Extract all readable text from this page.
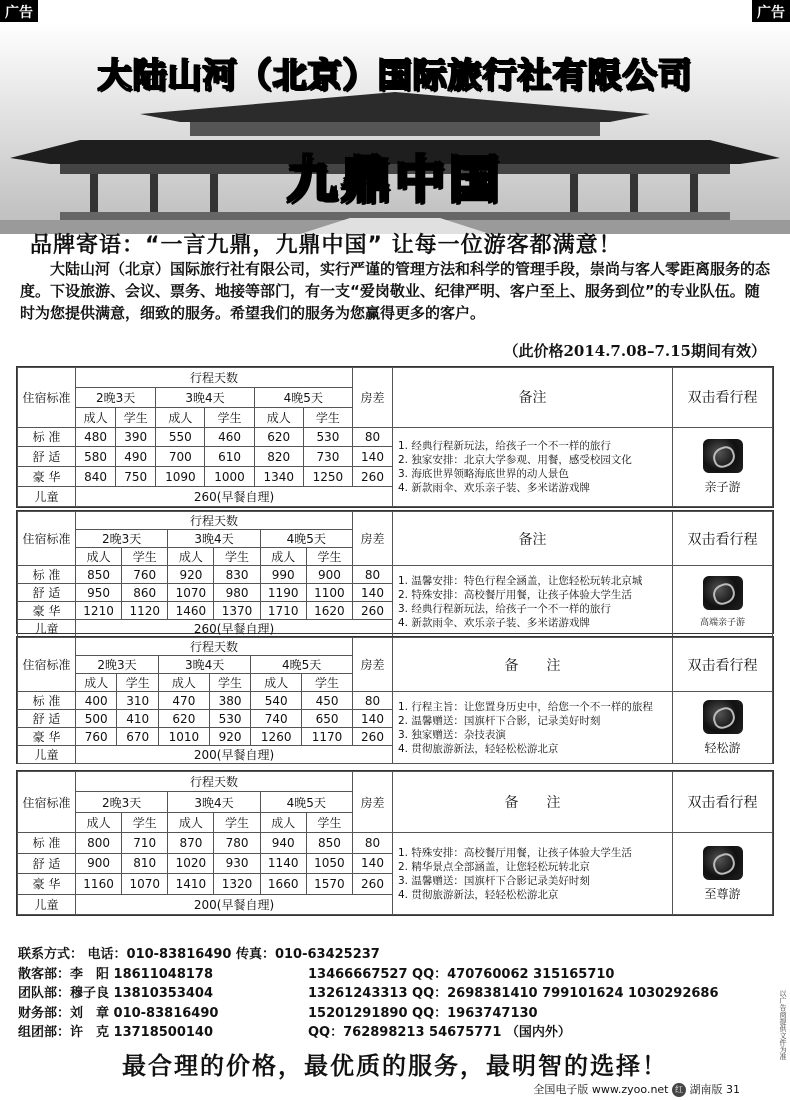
广告	广告
大陆山河（北京）国际旅行社有限公司
九鼎中国
品牌寄语：“一言九鼎，九鼎中国” 让每一位游客都满意！
大陆山河（北京）国际旅行社有限公司，实行严谨的管理方法和科学的管理手段，崇尚与客人零距离服务的态度。下设旅游、会议、票务、地接等部门，有一支“爱岗敬业、纪律严明、客户至上、服务到位”的专业队伍。随时为您提供满意，细致的服务。希望我们的服务为您赢得更多的客户。
（此价格2014.7.08–7.15期间有效）
住宿标准	行程天数						房差	备注	双击看行程
	2晚3天		3晚4天		4晚5天				
	成人	学生	成人	学生	成人	学生			
标 准	480	390	550	460	620	530	80	1. 经典行程新玩法，给孩子一个不一样的旅行
2. 独家安排：北京大学参观、用餐，感受校园文化
3. 海底世界领略海底世界的动人景色
4. 新款雨伞、欢乐亲子装、多米诺游戏牌	亲子游

舒 适	580	490	700	610	820	730	140		
豪 华	840	750	1090	1000	1340	1250	260		
儿童	260(早餐自理)								
住宿标准	行程天数						房差	备注	双击看行程
	2晚3天		3晚4天		4晚5天				
	成人	学生	成人	学生	成人	学生			
标 准	850	760	920	830	990	900	80	1. 温馨安排：特色行程全涵盖，让您轻松玩转北京城
2. 特殊安排：高校餐厅用餐，让孩子体验大学生活
3. 经典行程新玩法，给孩子一个不一样的旅行
4. 新款雨伞、欢乐亲子装、多米诺游戏牌	高端亲子游

舒 适	950	860	1070	980	1190	1100	140		
豪 华	1210	1120	1460	1370	1710	1620	260		
儿童	260(早餐自理)								
住宿标准	行程天数						房差	备　　注	双击看行程
	2晚3天		3晚4天		4晚5天				
	成人	学生	成人	学生	成人	学生			
标 准	400	310	470	380	540	450	80	1. 行程主旨：让您置身历史中，给您一个不一样的旅程
2. 温馨赠送：国旗杆下合影，记录美好时刻
3. 独家赠送：杂技表演
4. 贯彻旅游新法，轻轻松松游北京	轻松游

舒 适	500	410	620	530	740	650	140		
豪 华	760	670	1010	920	1260	1170	260		
儿童	200(早餐自理)								
住宿标准	行程天数						房差	备　　注	双击看行程
	2晚3天		3晚4天		4晚5天				
	成人	学生	成人	学生	成人	学生			
标 准	800	710	870	780	940	850	80	1. 特殊安排：高校餐厅用餐，让孩子体验大学生活
2. 精华景点全部涵盖，让您轻松玩转北京
3. 温馨赠送：国旗杆下合影记录美好时刻
4. 贯彻旅游新法，轻轻松松游北京	至尊游

舒 适	900	810	1020	930	1140	1050	140		
豪 华	1160	1070	1410	1320	1660	1570	260		
儿童	200(早餐自理)								
联系方式： 电话：010-83816490 传真：010-63425237
散客部：李　阳 18611048178	13466667527 QQ：470760062 315165710
团队部：穆子良 13810353404	13261243313 QQ：2698381410 799101624 1030292686
财务部：刘　章 010-83816490	15201291890 QQ：1963747130
组团部：许　克 13718500140	QQ：762898213 54675771 （国内外）
最合理的价格，最优质的服务，最明智的选择！
全国电子版 www.zyoo.net 红 湖南版 31
以广告商提供文件为准
